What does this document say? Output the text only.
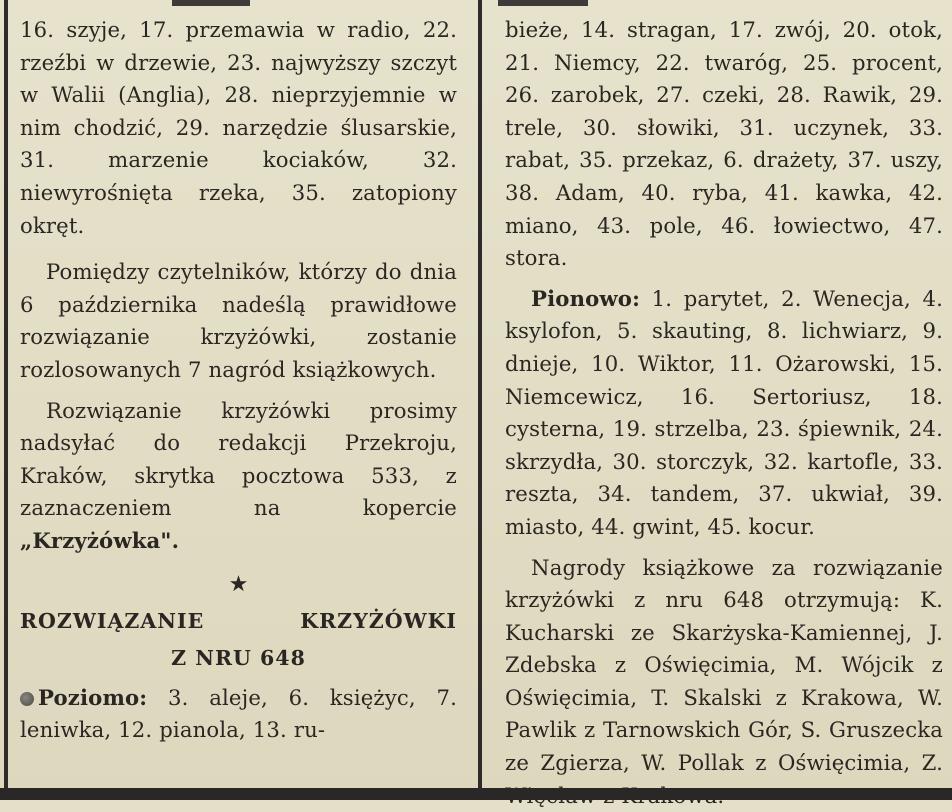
16. szyje, 17. przemawia w radio, 22. rzeźbi w drzewie, 23. najwyższy szczyt w Walii (Anglia), 28. nieprzyjemnie w nim chodzić, 29. narzędzie ślusarskie, 31. marzenie kociaków, 32. niewyrośnięta rzeka, 35. zatopiony okręt.

Pomiędzy czytelników, którzy do dnia 6 października nadeślą prawidłowe rozwiązanie krzyżówki, zostanie rozlosowanych 7 nagród książkowych.

Rozwiązanie krzyżówki prosimy nadsyłać do redakcji Przekroju, Kraków, skrytka pocztowa 533, z zaznaczeniem na kopercie „Krzyżówka".

★
ROZWIĄZANIE KRZYŻÓWKI
Z NRU 648

Poziomo: 3. aleje, 6. księżyc, 7. leniwka, 12. pianola, 13. ru-

bieże, 14. stragan, 17. zwój, 20. otok, 21. Niemcy, 22. twaróg, 25. procent, 26. zarobek, 27. czeki, 28. Rawik, 29. trele, 30. słowiki, 31. uczynek, 33. rabat, 35. przekaz, 6. drażety, 37. uszy, 38. Adam, 40. ryba, 41. kawka, 42. miano, 43. pole, 46. łowiectwo, 47. stora.

Pionowo: 1. parytet, 2. Wenecja, 4. ksylofon, 5. skauting, 8. lichwiarz, 9. dnieje, 10. Wiktor, 11. Ożarowski, 15. Niemcewicz, 16. Sertoriusz, 18. cysterna, 19. strzelba, 23. śpiewnik, 24. skrzydła, 30. storczyk, 32. kartofle, 33. reszta, 34. tandem, 37. ukwiał, 39. miasto, 44. gwint, 45. kocur.

Nagrody książkowe za rozwiązanie krzyżówki z nru 648 otrzymują: K. Kucharski ze Skarżyska-Kamiennej, J. Zdebska z Oświęcimia, M. Wójcik z Oświęcimia, T. Skalski z Krakowa, W. Pawlik z Tarnowskich Gór, S. Gruszecka ze Zgierza, W. Pollak z Oświęcimia, Z.
